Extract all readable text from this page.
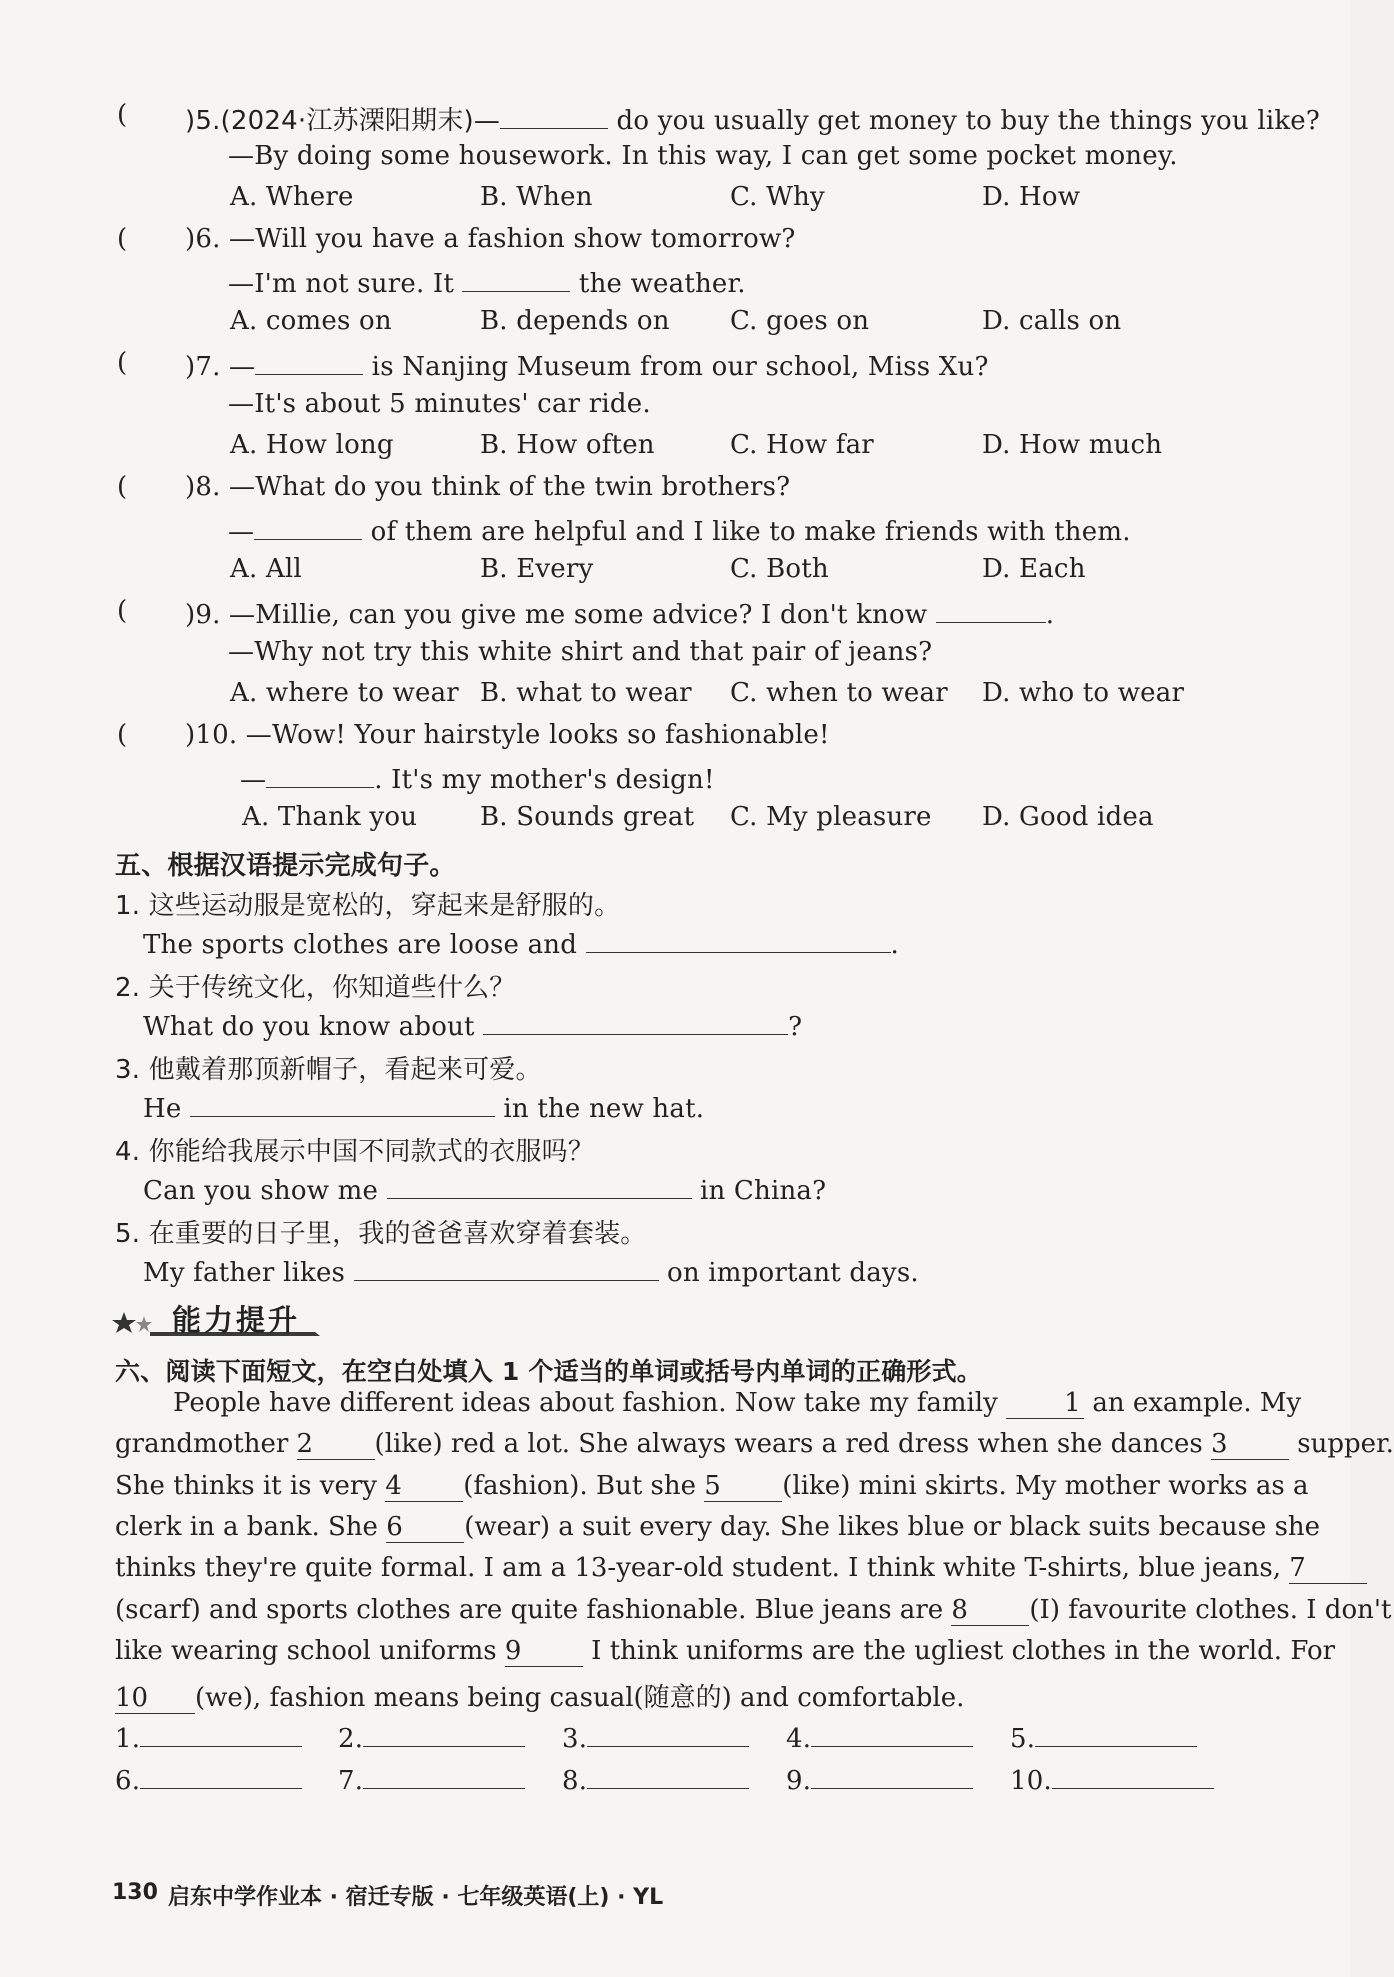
( )5.(2024·江苏溧阳期末)—	do you usually get money to buy the things you like?
—By doing some housework. In this way, I can get some pocket money.
A. Where	B. When	C. Why	D. How
( )6. —Will you have a fashion show tomorrow?
—I'm not sure. It	the weather.
A. comes on	B. depends on C. goes on	D. calls on
( )7. —	is Nanjing Museum from our school, Miss Xu?
—It's about 5 minutes' car ride.
A. How long	B. How often	C. How far	D. How much
( )8. —What do you think of the twin brothers?
—	of them are helpful and I like to make friends with them.
A. All	B. Every	C. Both	D. Each
( )9. —Millie, can you give me some advice? I don't know	.
—Why not try this white shirt and that pair of jeans?
A. where to wear B. what to wear C. when to wear D. who to wear
( )10. —Wow! Your hairstyle looks so fashionable!
—	. It's my mother's design!
A. Thank you B. Sounds great C. My pleasure D. Good idea
五、根据汉语提示完成句子。
1. 这些运动服是宽松的，穿起来是舒服的。
The sports clothes are loose and	.
2. 关于传统文化，你知道些什么？
What do you know about	?
3. 他戴着那顶新帽子，看起来可爱。
He	in the new hat.
4. 你能给我展示中国不同款式的衣服吗？
Can you show me	in China?
5. 在重要的日子里，我的爸爸喜欢穿着套装。
My father likes	on important days.
能力提升
六、阅读下面短文，在空白处填入 1 个适当的单词或括号内单词的正确形式。
People have different ideas about fashion. Now take my family 1 an example. My
grandmother 2 (like) red a lot. She always wears a red dress when she dances 3 supper.
She thinks it is very 4 (fashion). But she 5 (like) mini skirts. My mother works as a
clerk in a bank. She 6 (wear) a suit every day. She likes blue or black suits because she
thinks they're quite formal. I am a 13-year-old student. I think white T-shirts, blue jeans, 7
(scarf) and sports clothes are quite fashionable. Blue jeans are 8 (I) favourite clothes. I don't
like wearing school uniforms 9 I think uniforms are the ugliest clothes in the world. For
10 (we), fashion means being casual(随意的) and comfortable.
1.	2.	3.	4.	5.
6.	7.	8.	9.	10.
130 启东中学作业本 · 宿迁专版 · 七年级英语(上) · YL
